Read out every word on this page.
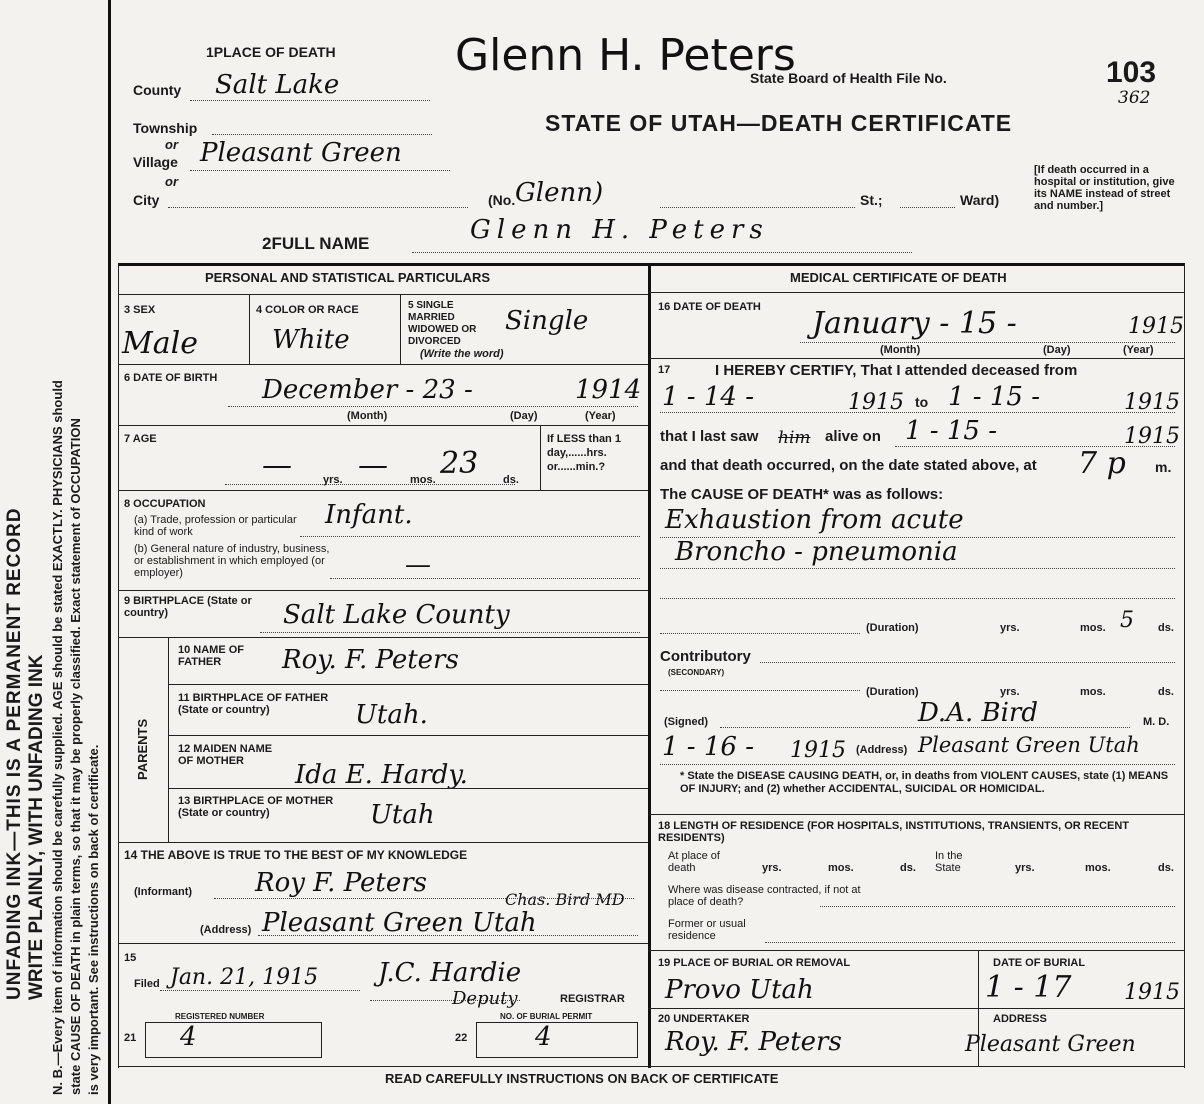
UNFADING INK—THIS IS A PERMANENT RECORD WRITE PLAINLY, WITH UNFADING INK N. B.—Every item of information should be carefully supplied. AGE should be stated EXACTLY. PHYSICIANS should state CAUSE OF DEATH in plain terms, so that it may be properly classified. Exact statement of OCCUPATION is very important. See instructions on back of certificate.
1PLACE OF DEATH	Glenn H. Peters
State Board of Health File No.	103
362
STATE OF UTAH—DEATH CERTIFICATE
County Salt Lake
Township
or
Village Pleasant Green
or
City	(No. Glenn)	St.;	Ward)
[If death occurred in a hospital or institution, give its NAME instead of street and number.]
2FULL NAME	Glenn H. Peters
PERSONAL AND STATISTICAL PARTICULARS
3 SEX
Male
4 COLOR OR RACE
White
5 SINGLE MARRIED WIDOWED OR DIVORCED
(Write the word)
Single
6 DATE OF BIRTH December - 23 -	1914
(Month)	(Day)	(Year)
7 AGE
—	yrs. — mos. 23 ds.
If LESS than 1 day,......hrs. or......min.?
8 OCCUPATION
(a) Trade, profession or particular kind of work
Infant.
(b) General nature of industry, business, or establishment in which employed (or employer)	—
9 BIRTHPLACE (State or country)	Salt Lake County
PARENTS
10 NAME OF FATHER	Roy. F. Peters
11 BIRTHPLACE OF FATHER (State or country)	Utah.
12 MAIDEN NAME OF MOTHER	Ida E. Hardy.
13 BIRTHPLACE OF MOTHER (State or country)	Utah
14 THE ABOVE IS TRUE TO THE BEST OF MY KNOWLEDGE
(Informant) Roy F. Peters
Chas. Bird MD
(Address) Pleasant Green Utah
15
Filed Jan. 21, 1915 J.C. Hardie
Deputy	REGISTRAR
REGISTERED NUMBER
21 4
NO. OF BURIAL PERMIT
22	4
MEDICAL CERTIFICATE OF DEATH
16 DATE OF DEATH January - 15 -	1915
(Month)	(Day)	(Year)
17	I HEREBY CERTIFY, That I attended deceased from
1 - 14 -	1915 to 1 - 15 -	1915
that I last saw him alive on 1 - 15 -	1915
and that death occurred, on the date stated above, at 7 p m.
The CAUSE OF DEATH* was as follows:
Exhaustion from acute
Broncho - pneumonia
(Duration)	yrs.	mos. 5 ds.
Contributory
(SECONDARY)
(Duration)	yrs.	mos.	ds.
(Signed)	D.A. Bird	M. D.
1 - 16 - 1915 (Address) Pleasant Green Utah
* State the DISEASE CAUSING DEATH, or, in deaths from VIOLENT CAUSES, state (1) MEANS OF INJURY; and (2) whether ACCIDENTAL, SUICIDAL OR HOMICIDAL.
18 LENGTH OF RESIDENCE (FOR HOSPITALS, INSTITUTIONS, TRANSIENTS, OR RECENT RESIDENTS)
At place of death	yrs.	mos.	ds.
In the State	yrs.	mos.	ds.
Where was disease contracted, if not at place of death?
Former or usual residence
19 PLACE OF BURIAL OR REMOVAL
Provo Utah
DATE OF BURIAL
1 - 17 1915
20 UNDERTAKER
Roy. F. Peters
ADDRESS
Pleasant Green
READ CAREFULLY INSTRUCTIONS ON BACK OF CERTIFICATE
